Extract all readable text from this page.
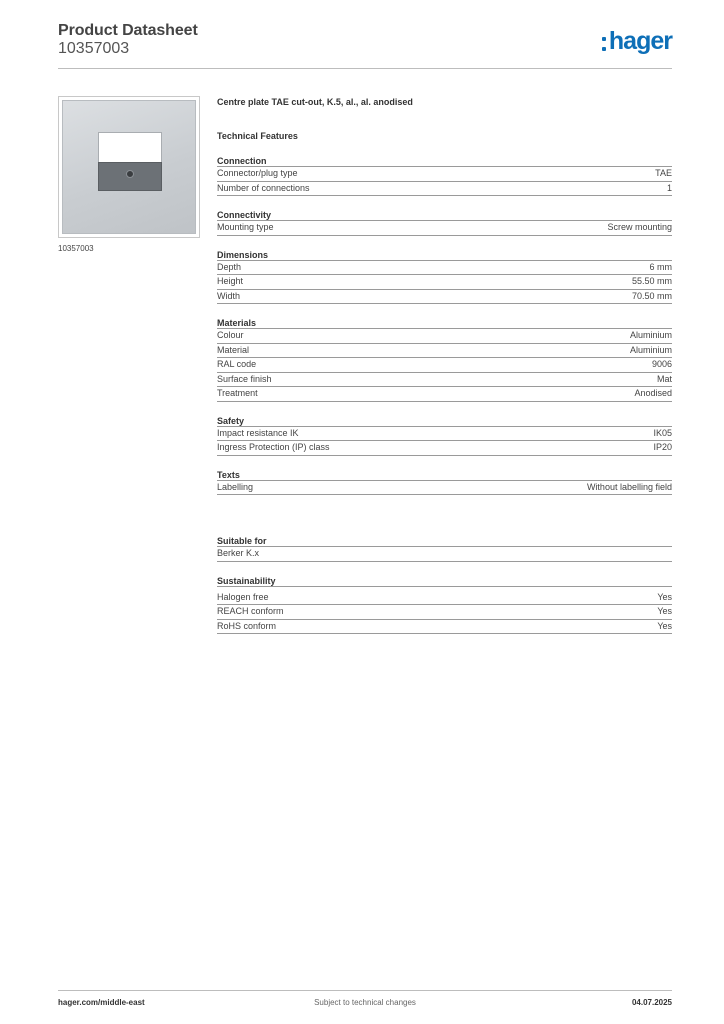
Product Datasheet
10357003	hager
10357003
Centre plate TAE cut-out, K.5, al., al. anodised
Technical Features
Connection
Connector/plug type	TAE
Number of connections	1
Connectivity
Mounting type	Screw mounting
Dimensions
Depth	6 mm
Height	55.50 mm
Width	70.50 mm
Materials
Colour	Aluminium
Material	Aluminium
RAL code	9006
Surface finish	Mat
Treatment	Anodised
Safety
Impact resistance IK	IK05
Ingress Protection (IP) class	IP20
Texts
Labelling	Without labelling field
Suitable for
Berker K.x
Sustainability
Halogen free	Yes
REACH conform	Yes
RoHS conform	Yes
hager.com/middle-east	Subject to technical changes	04.07.2025
